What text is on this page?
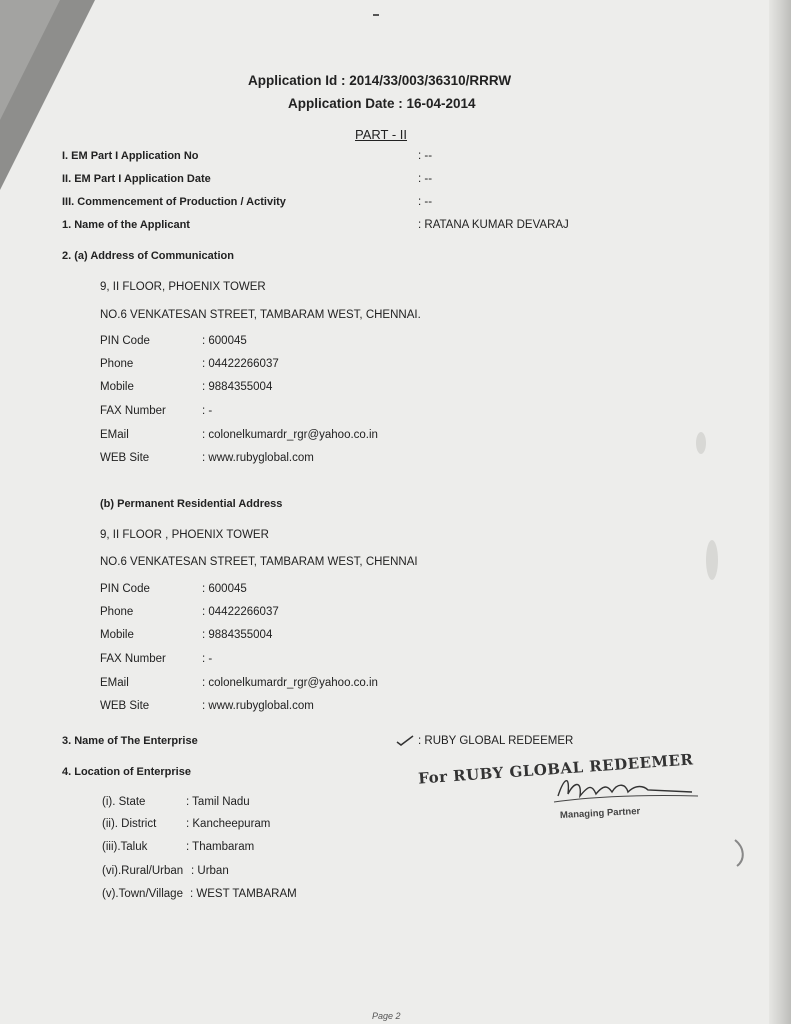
Application Id : 2014/33/003/36310/RRRW
Application Date : 16-04-2014
PART - II
I. EM Part I Application No	: --
II. EM Part I Application Date	: --
III. Commencement of Production / Activity	: --
1. Name of the Applicant	: RATANA KUMAR DEVARAJ
2. (a) Address of Communication
9, II FLOOR, PHOENIX TOWER
NO.6 VENKATESAN STREET, TAMBARAM WEST, CHENNAI.
PIN Code	: 600045
Phone	: 04422266037
Mobile	: 9884355004
FAX Number	: -
EMail	: colonelkumardr_rgr@yahoo.co.in
WEB Site	: www.rubyglobal.com
(b) Permanent Residential Address
9, II FLOOR , PHOENIX TOWER
NO.6 VENKATESAN STREET, TAMBARAM WEST, CHENNAI
PIN Code	: 600045
Phone	: 04422266037
Mobile	: 9884355004
FAX Number	: -
EMail	: colonelkumardr_rgr@yahoo.co.in
WEB Site	: www.rubyglobal.com
3. Name of The Enterprise	: RUBY GLOBAL REDEEMER
4. Location of Enterprise
(i). State	: Tamil Nadu
(ii). District	: Kancheepuram
(iii).Taluk	: Thambaram
(vi).Rural/Urban : Urban
(v).Town/Village : WEST TAMBARAM
For RUBY GLOBAL REDEEMER
Managing Partner
Page 2
